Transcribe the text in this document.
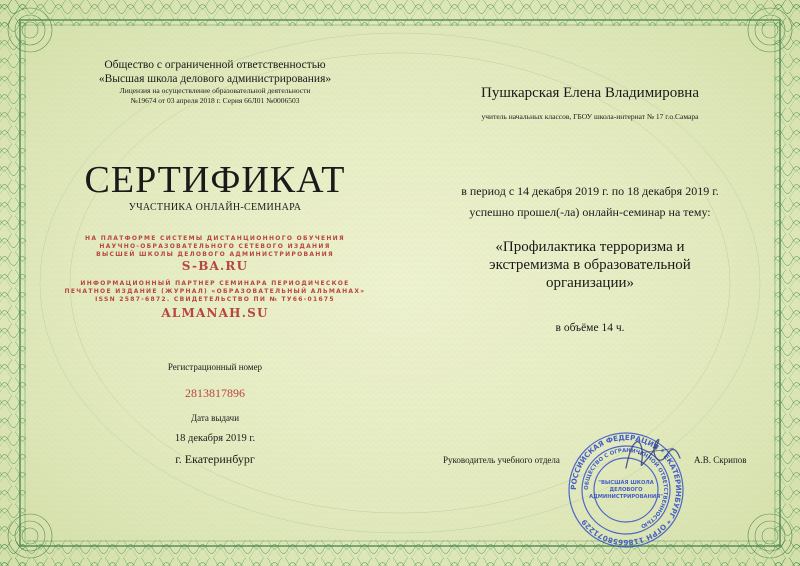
Общество с ограниченной ответственностью
«Высшая школа делового администрирования»
Лицензия на осуществление образовательной деятельности
№19674 от 03 апреля 2018 г. Серия 66Л01 №0006503
СЕРТИФИКАТ
УЧАСТНИКА ОНЛАЙН-СЕМИНАРА
НА ПЛАТФОРМЕ СИСТЕМЫ ДИСТАНЦИОННОГО ОБУЧЕНИЯ
НАУЧНО-ОБРАЗОВАТЕЛЬНОГО СЕТЕВОГО ИЗДАНИЯ
ВЫСШЕЙ ШКОЛЫ ДЕЛОВОГО АДМИНИСТРИРОВАНИЯ
S-BA.RU
ИНФОРМАЦИОННЫЙ ПАРТНЕР СЕМИНАРА ПЕРИОДИЧЕСКОЕ
ПЕЧАТНОЕ ИЗДАНИЕ (ЖУРНАЛ) «ОБРАЗОВАТЕЛЬНЫЙ АЛЬМАНАХ»
ISSN 2587-6872. СВИДЕТЕЛЬСТВО ПИ № ТУ66-01675
ALMANAH.SU
Регистрационный номер
2813817896
Дата выдачи
18 декабря 2019 г.
г. Екатеринбург
Пушкарская Елена Владимировна
учитель начальных классов, ГБОУ школа-интернат № 17 г.о.Самара
в период с 14 декабря 2019 г. по 18 декабря 2019 г.
успешно прошел(-ла) онлайн-семинар на тему:
«Профилактика терроризма и
экстремизма в образовательной
организации»
в объёме 14 ч.
Руководитель учебного отдела	А.В. Скрипов
РОССИЙСКАЯ ФЕДЕРАЦИЯ * ЕКАТЕРИНБУРГ * ОГРН 1186658071229
ОБЩЕСТВО С ОГРАНИЧЕННОЙ ОТВЕТСТВЕННОСТЬЮ
"ВЫСШАЯ ШКОЛА
ДЕЛОВОГО
АДМИНИСТРИРОВАНИЯ"
